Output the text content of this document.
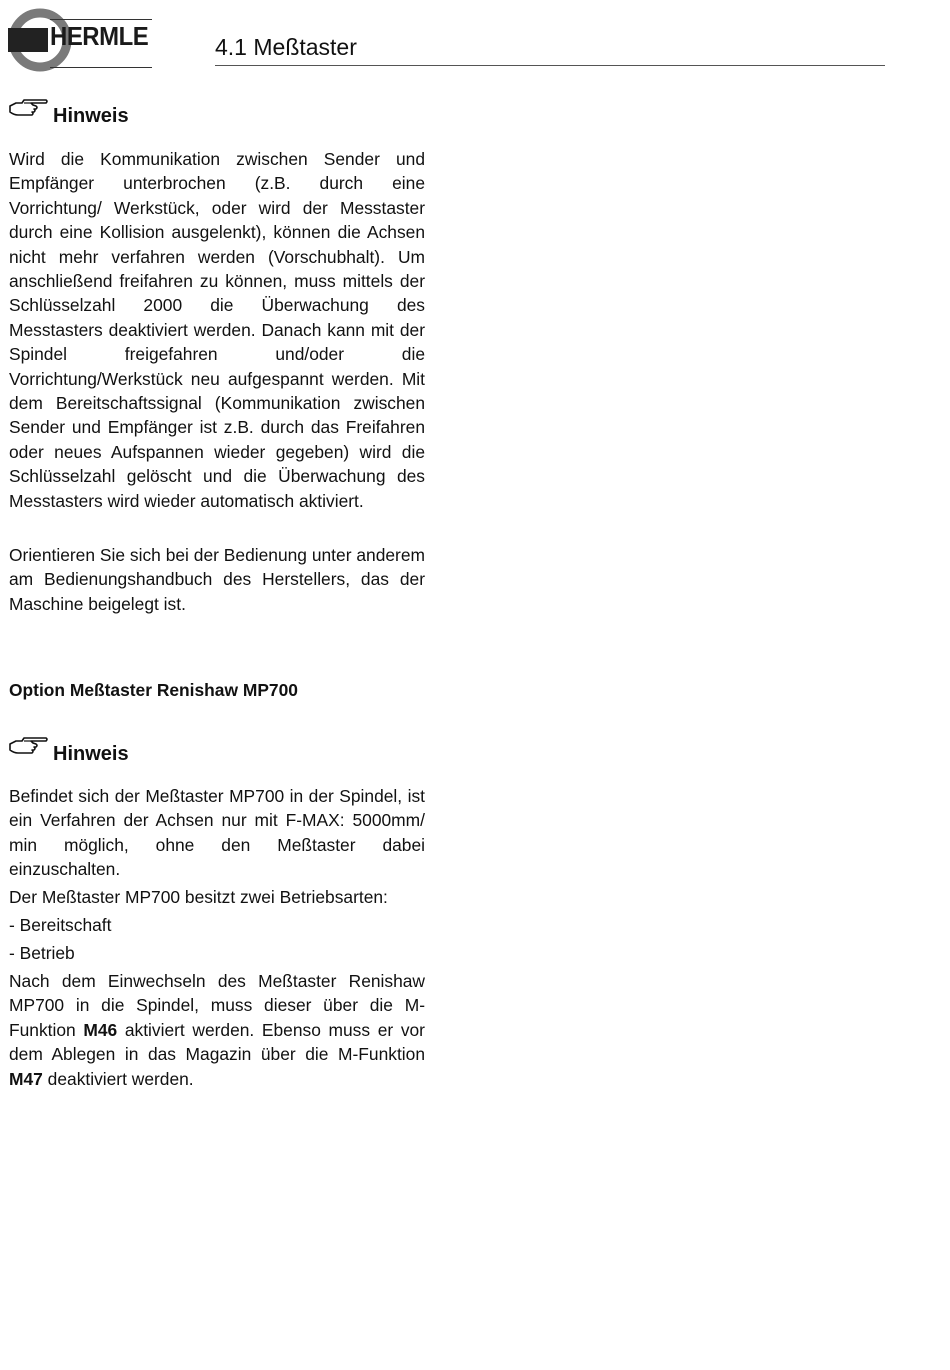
HERMLE	4.1 Meßtaster
Hinweis

Wird die Kommunikation zwischen Sender und Empfänger unterbrochen (z.B. durch eine Vorrichtung/ Werkstück, oder wird der Messtaster durch eine Kollision ausgelenkt), können die Achsen nicht mehr verfahren werden (Vorschubhalt). Um anschließend freifahren zu können, muss mittels der Schlüsselzahl 2000 die Überwachung des Messtasters deaktiviert werden. Danach kann mit der Spindel freigefahren und/oder die Vorrichtung/Werkstück neu aufgespannt werden. Mit dem Bereitschaftssignal (Kommunikation zwischen Sender und Empfänger ist z.B. durch das Freifahren oder neues Aufspannen wieder gegeben) wird die Schlüsselzahl gelöscht und die Überwachung des Messtasters wird wieder automatisch aktiviert.

Orientieren Sie sich bei der Bedienung unter anderem am Bedienungshandbuch des Herstellers, das der Maschine beigelegt ist.

Option Meßtaster Renishaw MP700
Hinweis

Befindet sich der Meßtaster MP700 in der Spindel, ist ein Verfahren der Achsen nur mit F-MAX: 5000mm/ min möglich, ohne den Meßtaster dabei einzuschalten.

Der Meßtaster MP700 besitzt zwei Betriebsarten:

- Bereitschaft

- Betrieb

Nach dem Einwechseln des Meßtaster Renishaw MP700 in die Spindel, muss dieser über die M-Funktion M46 aktiviert werden. Ebenso muss er vor dem Ablegen in das Magazin über die M-Funktion M47 deaktiviert werden.
